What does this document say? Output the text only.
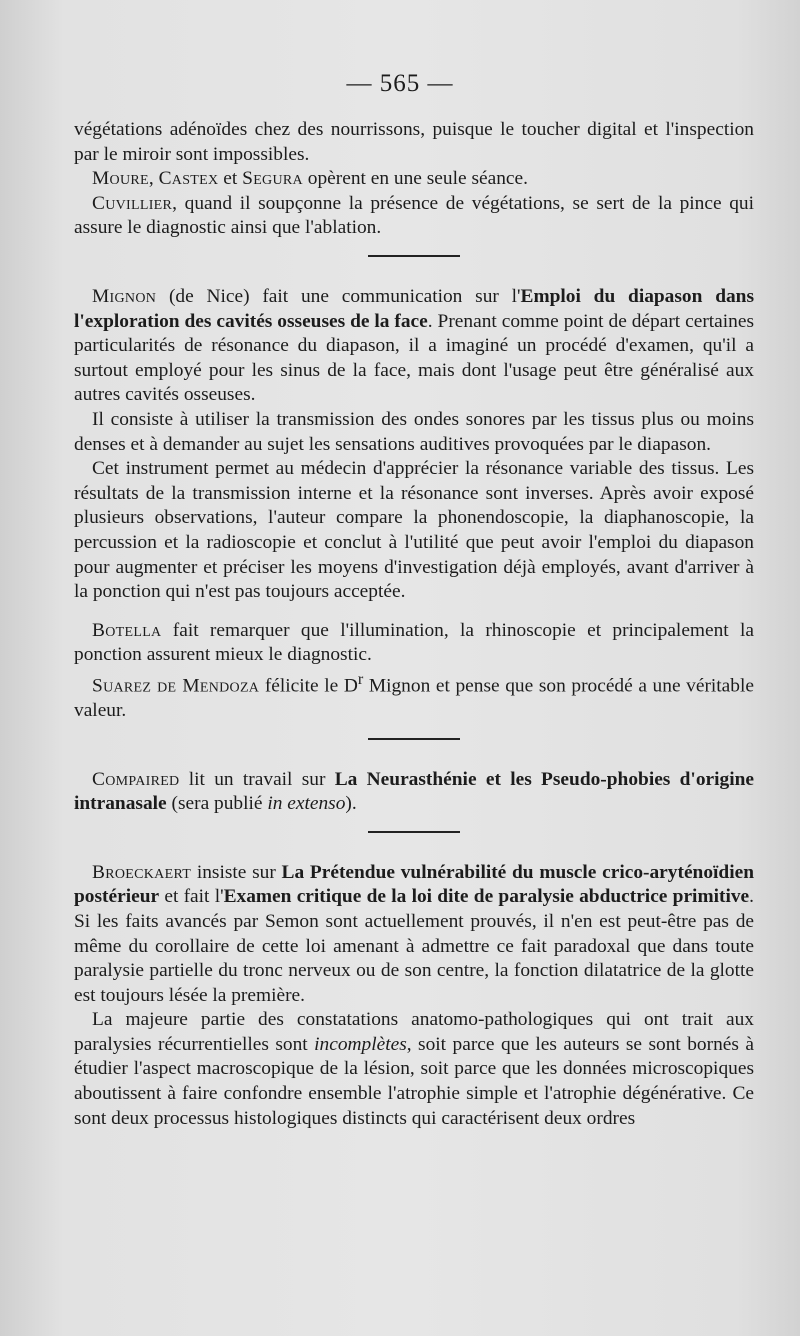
— 565 —

végétations adénoïdes chez des nourrissons, puisque le toucher digital et l'inspection par le miroir sont impossibles.

Moure, Castex et Segura opèrent en une seule séance.

Cuvillier, quand il soupçonne la présence de végétations, se sert de la pince qui assure le diagnostic ainsi que l'ablation.

Mignon (de Nice) fait une communication sur l'Emploi du diapason dans l'exploration des cavités osseuses de la face. Prenant comme point de départ certaines particularités de résonance du diapason, il a imaginé un procédé d'examen, qu'il a surtout employé pour les sinus de la face, mais dont l'usage peut être généralisé aux autres cavités osseuses.

Il consiste à utiliser la transmission des ondes sonores par les tissus plus ou moins denses et à demander au sujet les sensations auditives provoquées par le diapason.

Cet instrument permet au médecin d'apprécier la résonance variable des tissus. Les résultats de la transmission interne et la résonance sont inverses. Après avoir exposé plusieurs observations, l'auteur compare la phonendoscopie, la diaphanoscopie, la percussion et la radioscopie et conclut à l'utilité que peut avoir l'emploi du diapason pour augmenter et préciser les moyens d'investigation déjà employés, avant d'arriver à la ponction qui n'est pas toujours acceptée.

Botella fait remarquer que l'illumination, la rhinoscopie et principalement la ponction assurent mieux le diagnostic.

Suarez de Mendoza félicite le $D^r$ Mignon et pense que son procédé a une véritable valeur.

Compaired lit un travail sur La Neurasthénie et les Pseudo-phobies d'origine intranasale (sera publié in extenso).

Broeckaert insiste sur La Prétendue vulnérabilité du muscle crico-aryténoïdien postérieur et fait l'Examen critique de la loi dite de paralysie abductrice primitive. Si les faits avancés par Semon sont actuellement prouvés, il n'en est peut-être pas de même du corollaire de cette loi amenant à admettre ce fait paradoxal que dans toute paralysie partielle du tronc nerveux ou de son centre, la fonction dilatatrice de la glotte est toujours lésée la première.

La majeure partie des constatations anatomo-pathologiques qui ont trait aux paralysies récurrentielles sont incomplètes, soit parce que les auteurs se sont bornés à étudier l'aspect macroscopique de la lésion, soit parce que les données microscopiques aboutissent à faire confondre ensemble l'atrophie simple et l'atrophie dégénérative. Ce sont deux processus histologiques distincts qui caractérisent deux ordres
